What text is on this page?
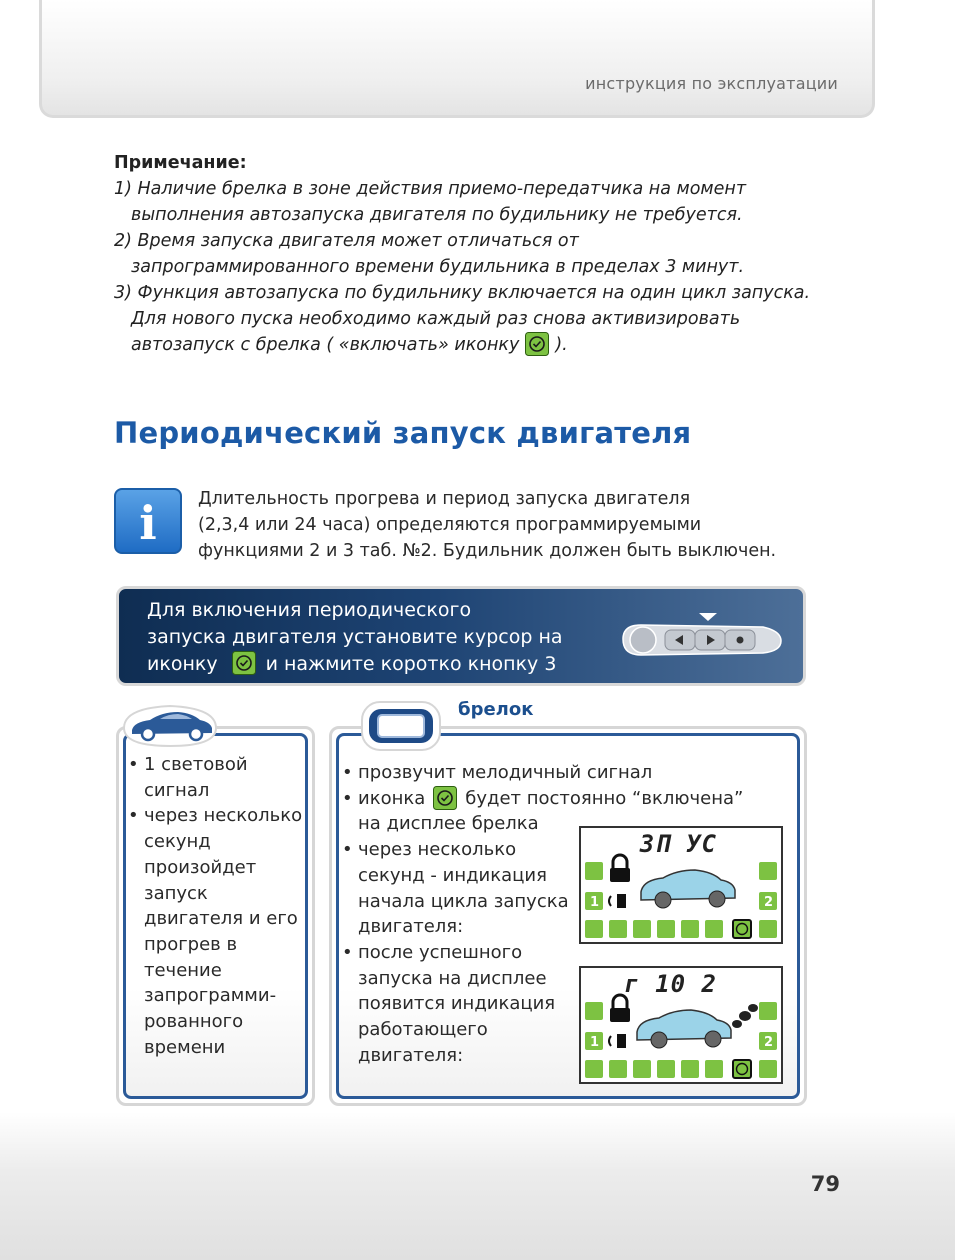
инструкция по эксплуатации
Примечание:

1) Наличие брелка в зоне действия приемо-передатчика на момент

выполнения автозапуска двигателя по будильнику не требуется.

2) Время запуска двигателя может отличаться от

запрограммированного времени будильника в пределах 3 минут.

3) Функция автозапуска по будильнику включается на один цикл запуска.

Для нового пуска необходимо каждый раз снова активизировать

автозапуск с брелка ( «включать» иконку ).

Периодический запуск двигателя
i	Длительность прогрева и период запуска двигателя
(2,3,4 или 24 часа) определяются программируемыми
функциями 2 и 3 таб. №2. Будильник должен быть выключен.
Для включения периодического
запуска двигателя установите курсор на
иконку	и нажмите коротко кнопку 3
• 1 световой сигнал
• через несколько секунд произойдет запуск двигателя и его прогрев в течение запрограмми-рованного времени
брелок
• прозвучит мелодичный сигнал
• иконка будет постоянно “включена”
на дисплее брелка
• через несколько секунд - индикация начала цикла запуска двигателя:
• после успешного запуска на дисплее появится индикация работающего двигателя:
ЗП УС
1	2
г 10 2
1	2
79
